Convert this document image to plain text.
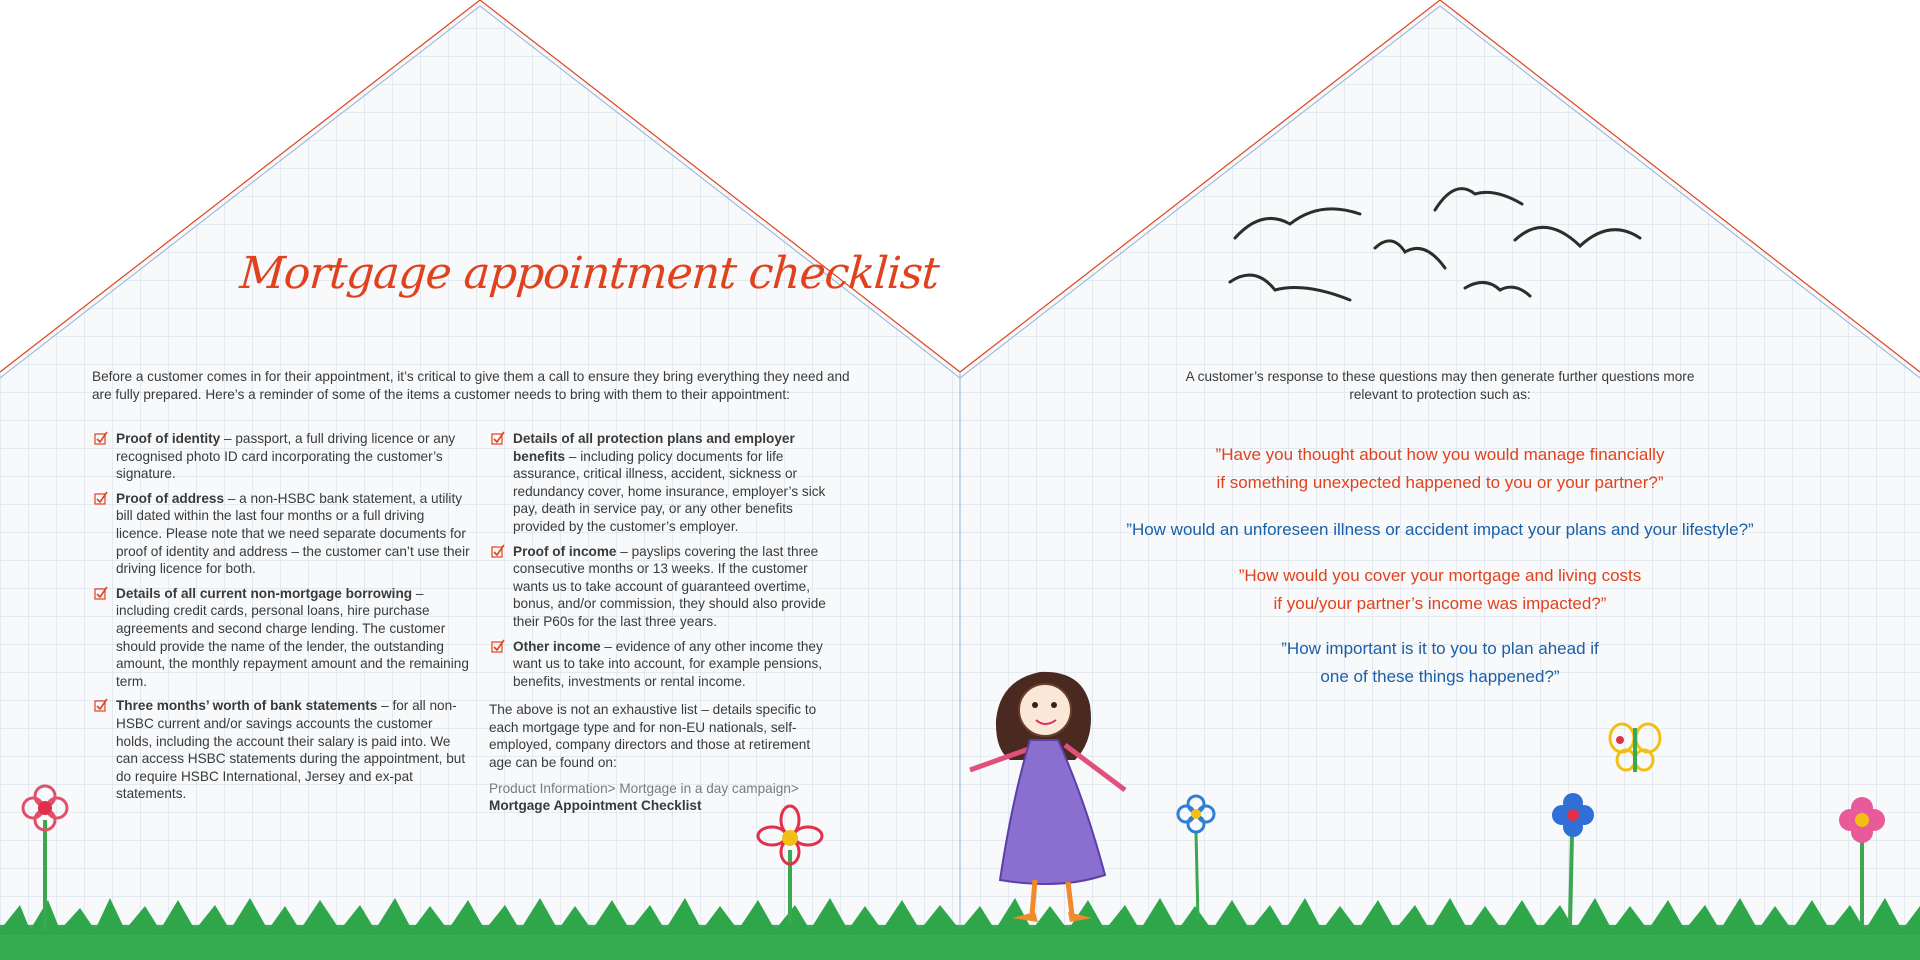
Mortgage appointment checklist
Before a customer comes in for their appointment, it’s critical to give them a call to ensure they bring everything they need and are fully prepared. Here’s a reminder of some of the items a customer needs to bring with them to their appointment:
Proof of identity – passport, a full driving licence or any recognised photo ID card incorporating the customer’s signature.
Proof of address – a non-HSBC bank statement, a utility bill dated within the last four months or a full driving licence. Please note that we need separate documents for proof of identity and address – the customer can’t use their driving licence for both.
Details of all current non-mortgage borrowing – including credit cards, personal loans, hire purchase agreements and second charge lending. The customer should provide the name of the lender, the outstanding amount, the monthly repayment amount and the remaining term.
Three months’ worth of bank statements – for all non-HSBC current and/or savings accounts the customer holds, including the account their salary is paid into. We can access HSBC statements during the appointment, but do require HSBC International, Jersey and ex-pat statements.
Details of all protection plans and employer benefits – including policy documents for life assurance, critical illness, accident, sickness or redundancy cover, home insurance, employer’s sick pay, death in service pay, or any other benefits provided by the customer’s employer.
Proof of income – payslips covering the last three consecutive months or 13 weeks. If the customer wants us to take account of guaranteed overtime, bonus, and/or commission, they should also provide their P60s for the last three years.
Other income – evidence of any other income they want us to take into account, for example pensions, benefits, investments or rental income.
The above is not an exhaustive list – details specific to each mortgage type and for non-EU nationals, self-employed, company directors and those at retirement age can be found on:
Product Information> Mortgage in a day campaign>
Mortgage Appointment Checklist
A customer’s response to these questions may then generate further questions more relevant to protection such as:
”Have you thought about how you would manage financially
if something unexpected happened to you or your partner?”
”How would an unforeseen illness or accident impact your plans and your lifestyle?”
”How would you cover your mortgage and living costs
if you/your partner’s income was impacted?”
”How important is it to you to plan ahead if
one of these things happened?”
